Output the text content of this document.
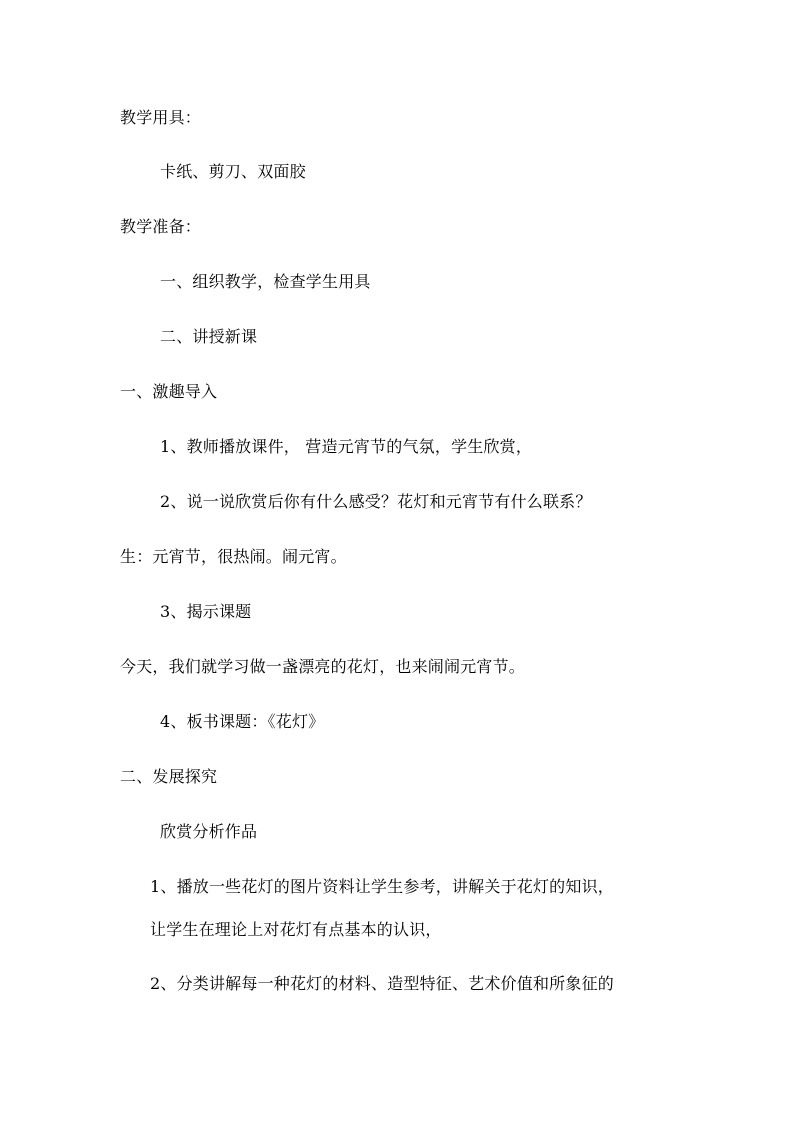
教学用具：
卡纸、剪刀、双面胶
教学准备：
一、组织教学，检查学生用具
二、讲授新课
一、激趣导入
1、教师播放课件， 营造元宵节的气氛，学生欣赏，
2、说一说欣赏后你有什么感受？花灯和元宵节有什么联系？
生：元宵节，很热闹。闹元宵。
3、揭示课题
今天，我们就学习做一盏漂亮的花灯，也来闹闹元宵节。
4、板书课题：《花灯》
二、发展探究
欣赏分析作品
1、播放一些花灯的图片资料让学生参考，讲解关于花灯的知识，
让学生在理论上对花灯有点基本的认识，
2、分类讲解每一种花灯的材料、造型特征、艺术价值和所象征的
